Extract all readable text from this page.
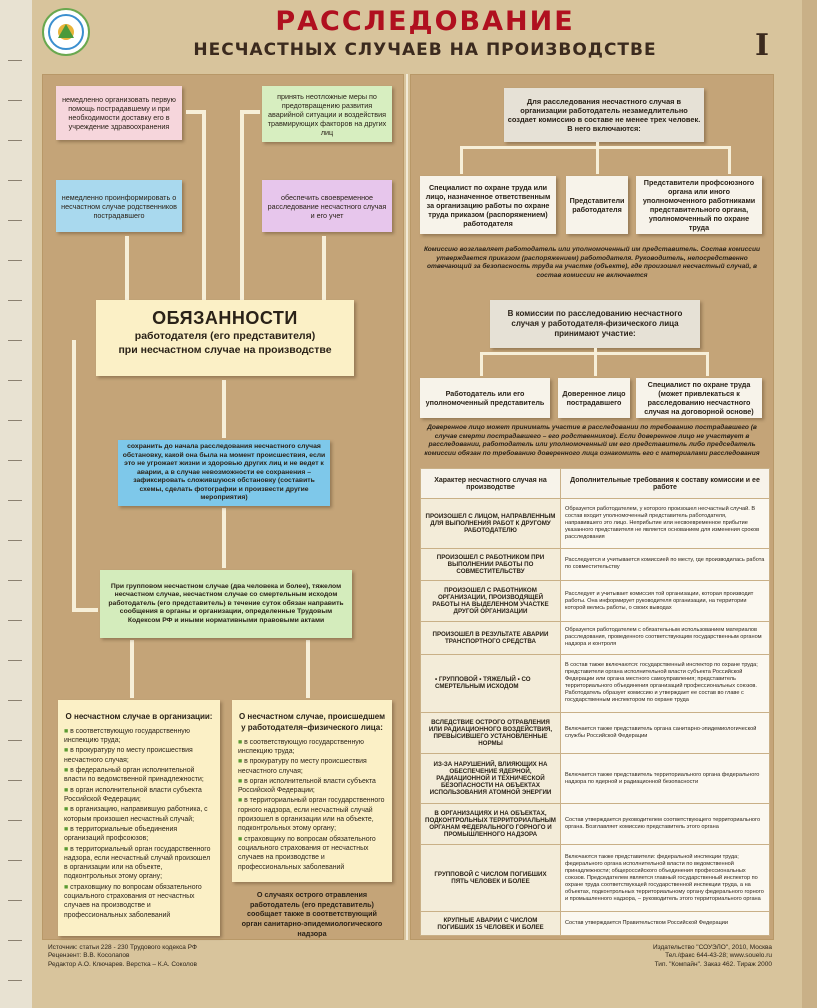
РАССЛЕДОВАНИЕ
НЕСЧАСТНЫХ СЛУЧАЕВ НА ПРОИЗВОДСТВЕ	I
немедленно организовать первую помощь пострадавшему и при необходимости доставку его в учреждение здравоохранения
немедленно проинформировать о несчастном случае родственников пострадавшего
принять неотложные меры по предотвращению развития аварийной ситуации и воздействия травмирующих факторов на других лиц
обеспечить своевременное расследование несчастного случая и его учет
ОБЯЗАННОСТИ
работодателя (его представителя)
при несчастном случае на производстве
сохранить до начала расследования несчастного случая обстановку, какой она была на момент происшествия, если это не угрожает жизни и здоровью других лиц и не ведет к аварии, а в случае невозможности ее сохранения – зафиксировать сложившуюся обстановку (составить схемы, сделать фотографии и произвести другие мероприятия)
При групповом несчастном случае (два человека и более), тяжелом несчастном случае, несчастном случае со смертельным исходом работодатель (его представитель) в течение суток обязан направить сообщения в органы и организации, определенные Трудовым Кодексом РФ и иными нормативными правовыми актами
О несчастном случае в организации:
■ в соответствующую государственную инспекцию труда;
■ в прокуратуру по месту происшествия несчастного случая;
■ в федеральный орган исполнительной власти по ведомственной принадлежности;
■ в орган исполнительной власти субъекта Российской Федерации;
■ в организацию, направившую работника, с которым произошел несчастный случай;
■ в территориальные объединения организаций профсоюзов;
■ в территориальный орган государственного надзора, если несчастный случай произошел в организации или на объекте, подконтрольных этому органу;
■ страховщику по вопросам обязательного социального страхования от несчастных случаев на производстве и профессиональных заболеваний
О несчастном случае, происшедшем у работодателя–физического лица:
■ в соответствующую государственную инспекцию труда;
■ в прокуратуру по месту происшествия несчастного случая;
■ в орган исполнительной власти субъекта Российской Федерации;
■ в территориальный орган государственного горного надзора, если несчастный случай произошел в организации или на объекте, подконтрольных этому органу;
■ страховщику по вопросам обязательного социального страхования от несчастных случаев на производстве и профессиональных заболеваний
О случаях острого отравления работодатель (его представитель) сообщает также в соответствующий орган санитарно-эпидемиологического надзора
Для расследования несчастного случая в организации работодатель незамедлительно создает комиссию в составе не менее трех человек. В него включаются:
Специалист по охране труда или лицо, назначенное ответственным за организацию работы по охране труда приказом (распоряжением) работодателя
Представители работодателя
Представители профсоюзного органа или иного уполномоченного работниками представительного органа, уполномоченный по охране труда
Комиссию возглавляет работодатель или уполномоченный им представитель. Состав комиссии утверждается приказом (распоряжением) работодателя. Руководитель, непосредственно отвечающий за безопасность труда на участке (объекте), где произошел несчастный случай, в состав комиссии не включается
В комиссии по расследованию несчастного случая у работодателя-физического лица принимают участие:
Работодатель или его уполномоченный представитель
Доверенное лицо пострадавшего
Специалист по охране труда (может привлекаться к расследованию несчастного случая на договорной основе)
Доверенное лицо может принимать участие в расследовании по требованию пострадавшего (в случае смерти пострадавшего – его родственников). Если доверенное лицо не участвует в расследовании, работодатель или уполномоченный им его представитель либо председатель комиссии обязан по требованию доверенного лица ознакомить его с материалами расследования
Характер несчастного случая на производстве	Дополнительные требования к составу комиссии и ее работе
ПРОИЗОШЕЛ С ЛИЦОМ, НАПРАВЛЕННЫМ ДЛЯ ВЫПОЛНЕНИЯ РАБОТ К ДРУГОМУ РАБОТОДАТЕЛЮ	Образуется работодателем, у которого произошел несчастный случай. В состав входит уполномоченный представитель работодателя, направившего это лицо. Неприбытие или несвоевременное прибытие указанного представителя не является основанием для изменения сроков расследования
ПРОИЗОШЕЛ С РАБОТНИКОМ ПРИ ВЫПОЛНЕНИИ РАБОТЫ ПО СОВМЕСТИТЕЛЬСТВУ	Расследуется и учитывается комиссией по месту, где производилась работа по совместительству
ПРОИЗОШЕЛ С РАБОТНИКОМ ОРГАНИЗАЦИИ, ПРОИЗВОДЯЩЕЙ РАБОТЫ НА ВЫДЕЛЕННОМ УЧАСТКЕ ДРУГОЙ ОРГАНИЗАЦИИ	Расследует и учитывает комиссия той организации, которая производит работы. Она информирует руководителя организации, на территории которой велись работы, о своих выводах
ПРОИЗОШЕЛ В РЕЗУЛЬТАТЕ АВАРИИ ТРАНСПОРТНОГО СРЕДСТВА	Образуется работодателем с обязательным использованием материалов расследования, проведенного соответствующим государственным органом надзора и контроля
• ГРУППОВОЙ • ТЯЖЕЛЫЙ • СО СМЕРТЕЛЬНЫМ ИСХОДОМ	В состав также включаются: государственный инспектор по охране труда; представители органа исполнительной власти субъекта Российской Федерации или органа местного самоуправления; представитель территориального объединения организаций профессиональных союзов. Работодатель образует комиссию и утверждает ее состав во главе с государственным инспектором по охране труда
ВСЛЕДСТВИЕ ОСТРОГО ОТРАВЛЕНИЯ ИЛИ РАДИАЦИОННОГО ВОЗДЕЙСТВИЯ, ПРЕВЫСИВШЕГО УСТАНОВЛЕННЫЕ НОРМЫ	Включается также представитель органа санитарно-эпидемиологической службы Российской Федерации
ИЗ-ЗА НАРУШЕНИЙ, ВЛИЯЮЩИХ НА ОБЕСПЕЧЕНИЕ ЯДЕРНОЙ, РАДИАЦИОННОЙ И ТЕХНИЧЕСКОЙ БЕЗОПАСНОСТИ НА ОБЪЕКТАХ ИСПОЛЬЗОВАНИЯ АТОМНОЙ ЭНЕРГИИ	Включается также представитель территориального органа федерального надзора по ядерной и радиационной безопасности
В ОРГАНИЗАЦИЯХ И НА ОБЪЕКТАХ, ПОДКОНТРОЛЬНЫХ ТЕРРИТОРИАЛЬНЫМ ОРГАНАМ ФЕДЕРАЛЬНОГО ГОРНОГО И ПРОМЫШЛЕННОГО НАДЗОРА	Состав утверждается руководителем соответствующего территориального органа. Возглавляет комиссию представитель этого органа
ГРУППОВОЙ С ЧИСЛОМ ПОГИБШИХ ПЯТЬ ЧЕЛОВЕК И БОЛЕЕ	Включаются также представители: федеральной инспекции труда; федерального органа исполнительной власти по ведомственной принадлежности; общероссийского объединения профессиональных союзов. Председателем является главный государственный инспектор по охране труда соответствующей государственной инспекции труда, а на объектах, подконтрольных территориальному органу федерального горного и промышленного надзора, – руководитель этого территориального органа
КРУПНЫЕ АВАРИИ С ЧИСЛОМ ПОГИБШИХ 15 ЧЕЛОВЕК И БОЛЕЕ	Состав утверждается Правительством Российской Федерации
Источник: статьи 228 - 230 Трудового кодекса РФ
Рецензент: В.В. Косолапов
Редактор А.О. Ключарев. Верстка – К.А. Соколов
Издательство "СОУЭЛО", 2010, Москва
Тел./факс 644-43-28; www.souelo.ru
Тип. "Компайн". Заказ 462. Тираж 2000
